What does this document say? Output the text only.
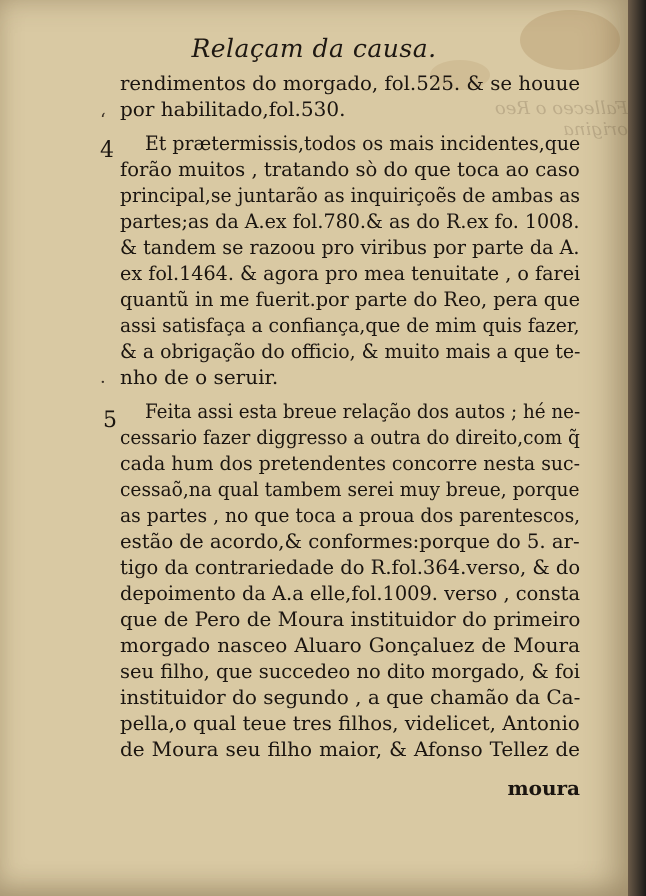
Falleceo o Reo origina
Relaçam da causa.
4
5
‘
·
rendimentos do morgado, fol.525. & se houue
por habilitado,fol.530.
Et prætermissis,todos os mais incidentes,que
forão muitos , tratando sò do que toca ao caso
principal,se juntarão as inquiriçoẽs de ambas as
partes;as da A.ex fol.780.& as do R.ex fo. 1008.
& tandem se razoou pro viribus por parte da A.
ex fol.1464. & agora pro mea tenuitate , o farei
quantũ in me fuerit.por parte do Reo, pera que
assi satisfaça a confiança,que de mim quis fazer,
& a obrigação do officio, & muito mais a que te-
nho de o seruir.
Feita assi esta breue relação dos autos ; hé ne-
cessario fazer diggresso a outra do direito,com q̃
cada hum dos pretendentes concorre nesta suc-
cessaõ,na qual tambem serei muy breue, porque
as partes , no que toca a proua dos parentescos,
estão de acordo,& conformes:porque do 5. ar-
tigo da contrariedade do R.fol.364.verso, & do
depoimento da A.a elle,fol.1009. verso , consta
que de Pero de Moura instituidor do primeiro
morgado nasceo Aluaro Gonçaluez de Moura
seu filho, que succedeo no dito morgado, & foi
instituidor do segundo , a que chamão da Ca-
pella,o qual teue tres filhos, videlicet, Antonio
de Moura seu filho maior, & Afonso Tellez de
moura
